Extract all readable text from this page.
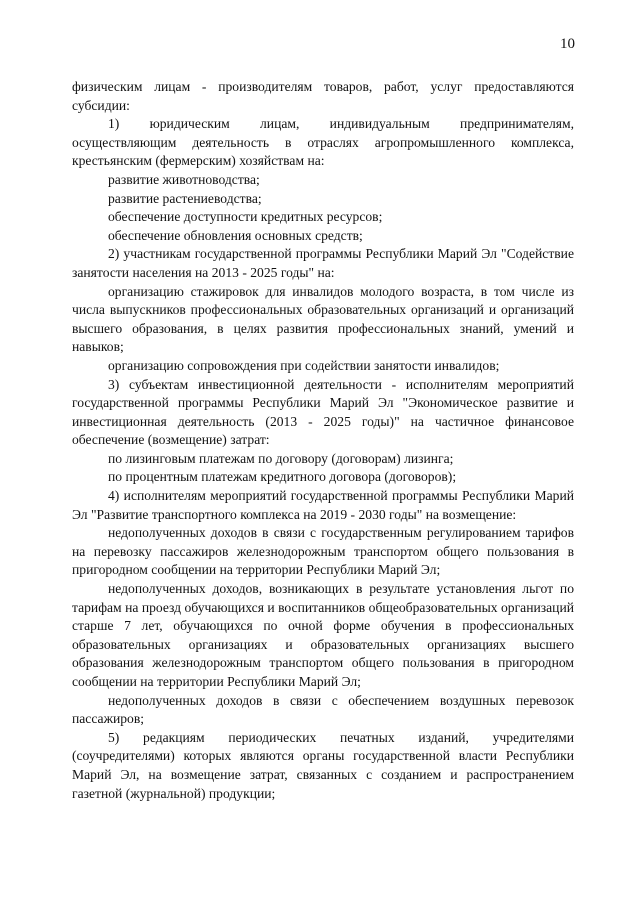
10

физическим лицам - производителям товаров, работ, услуг предоставляются субсидии:

1) юридическим лицам, индивидуальным предпринимателям, осуществляющим деятельность в отраслях агропромышленного комплекса, крестьянским (фермерским) хозяйствам на:

развитие животноводства;

развитие растениеводства;

обеспечение доступности кредитных ресурсов;

обеспечение обновления основных средств;

2) участникам государственной программы Республики Марий Эл "Содействие занятости населения на 2013 - 2025 годы" на:

организацию стажировок для инвалидов молодого возраста, в том числе из числа выпускников профессиональных образовательных организаций и организаций высшего образования, в целях развития профессиональных знаний, умений и навыков;

организацию сопровождения при содействии занятости инвалидов;

3) субъектам инвестиционной деятельности - исполнителям мероприятий государственной программы Республики Марий Эл "Экономическое развитие и инвестиционная деятельность (2013 - 2025 годы)" на частичное финансовое обеспечение (возмещение) затрат:

по лизинговым платежам по договору (договорам) лизинга;

по процентным платежам кредитного договора (договоров);

4) исполнителям мероприятий государственной программы Республики Марий Эл "Развитие транспортного комплекса на 2019 - 2030 годы" на возмещение:

недополученных доходов в связи с государственным регулированием тарифов на перевозку пассажиров железнодорожным транспортом общего пользования в пригородном сообщении на территории Республики Марий Эл;

недополученных доходов, возникающих в результате установления льгот по тарифам на проезд обучающихся и воспитанников общеобразовательных организаций старше 7 лет, обучающихся по очной форме обучения в профессиональных образовательных организациях и образовательных организациях высшего образования железнодорожным транспортом общего пользования в пригородном сообщении на территории Республики Марий Эл;

недополученных доходов в связи с обеспечением воздушных перевозок пассажиров;

5) редакциям периодических печатных изданий, учредителями (соучредителями) которых являются органы государственной власти Республики Марий Эл, на возмещение затрат, связанных с созданием и распространением газетной (журнальной) продукции;
